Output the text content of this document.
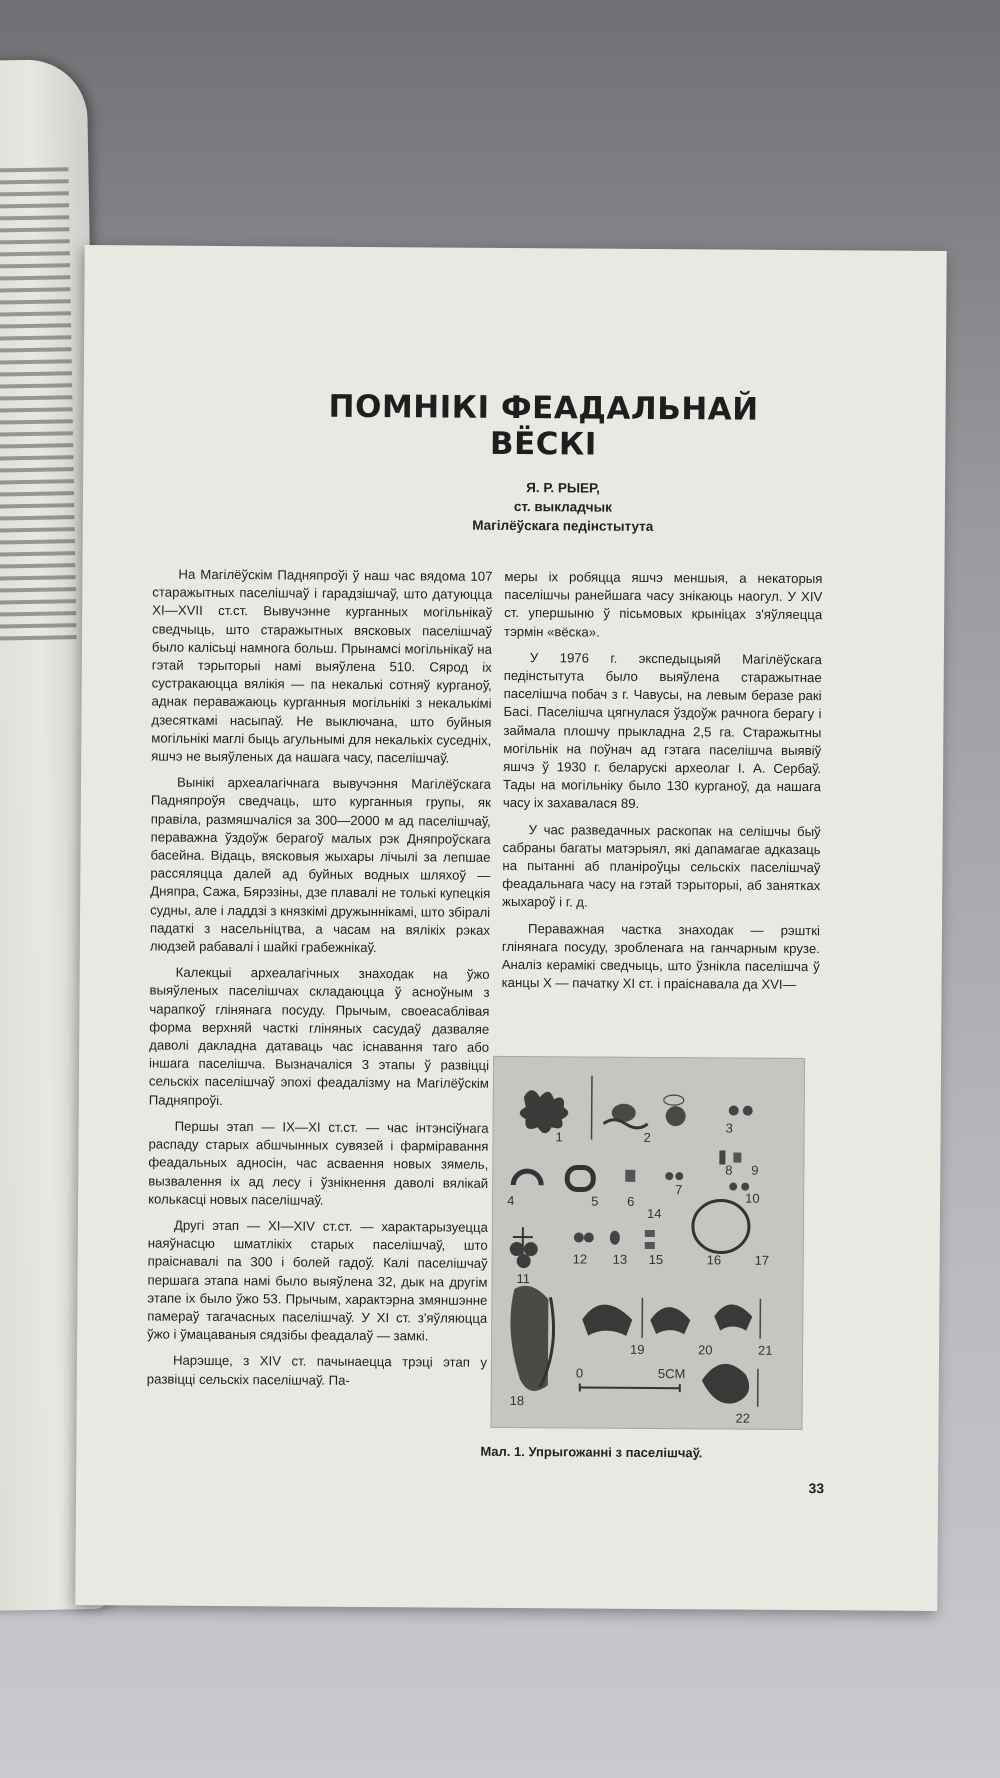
ПОМНІКІ ФЕАДАЛЬНАЙ ВЁСКІ
Я. Р. РЫЕР,
ст. выкладчык
Магілёўскага педінстытута

На Магілёўскім Падняпроўі ў наш час вядома 107 старажытных паселішчаў і гарадзішчаў, што датуюцца XI—XVII ст.ст. Вывучэнне курганных могільнікаў сведчыць, што старажытных вясковых паселішчаў было калісьці намнога больш. Прынамсі могільнікаў на гэтай тэрыторыі намі выяўлена 510. Сярод іх сустракаюцца вялікія — па некалькі сотняў курганоў, аднак пераважаюць курганныя могільнікі з некалькімі дзесяткамі насыпаў. Не выключана, што буйныя могільнікі маглі быць агульнымі для некалькіх суседніх, яшчэ не выяўленых да нашага часу, паселішчаў.

Вынікі археалагічнага вывучэння Магілёўскага Падняпроўя сведчаць, што курганныя групы, як правіла, размяшчаліся за 300—2000 м ад паселішчаў, пераважна ўздоўж берагоў малых рэк Дняпроўскага басейна. Відаць, вясковыя жыхары лічылі за лепшае рассяляцца далей ад буйных водных шляхоў — Дняпра, Сажа, Бярэзіны, дзе плавалі не толькі купецкія судны, але і ладдзі з князкімі дружыннікамі, што збіралі падаткі з насельніцтва, а часам на вялікіх рэках людзей рабавалі і шайкі грабежнікаў.

Калекцыі археалагічных знаходак на ўжо выяўленых паселішчах складаюцца ў асноўным з чарапкоў глінянага посуду. Прычым, своеасаблівая форма верхняй часткі гліняных сасудаў дазваляе даволі дакладна датаваць час існавання таго або іншага паселішча. Вызначаліся 3 этапы ў развіцці сельскіх паселішчаў эпохі феадалізму на Магілёўскім Падняпроўі.

Першы этап — IX—XI ст.ст. — час інтэнсіўнага распаду старых абшчынных сувязей і фарміравання феадальных адносін, час асваення новых зямель, вызвалення іх ад лесу і ўзнікнення даволі вялікай колькасці новых паселішчаў.

Другі этап — XI—XIV ст.ст. — характарызуецца наяўнасцю шматлікіх старых паселішчаў, што праіснавалі па 300 і болей гадоў. Калі паселішчаў першага этапа намі было выяўлена 32, дык на другім этапе іх было ўжо 53. Прычым, характэрна змяншэнне памераў тагачасных паселішчаў. У XI ст. з'яўляюцца ўжо і ўмацаваныя сядзібы феадалаў — замкі.

Нарэшце, з XIV ст. пачынаецца трэці этап у развіцці сельскіх паселішчаў. Па-

меры іх робяцца яшчэ меншыя, а некаторыя паселішчы ранейшага часу знікаюць наогул. У XIV ст. упершыню ў пісьмовых крыніцах з'яўляецца тэрмін «вёска».

У 1976 г. экспедыцыяй Магілёўскага педінстытута было выяўлена старажытнае паселішча побач з г. Чавусы, на левым беразе ракі Басі. Паселішча цягнулася ўздоўж рачнога берагу і займала плошчу прыкладна 2,5 га. Старажытны могільнік на поўнач ад гэтага паселішча выявіў яшчэ ў 1930 г. беларускі археолаг І. А. Сербаў. Тады на могільніку было 130 курганоў, да нашага часу іх захавалася 89.

У час разведачных раскопак на селішчы быў сабраны багаты матэрыял, які дапамагае адказаць на пытанні аб планіроўцы сельскіх паселішчаў феадальнага часу на гэтай тэрыторыі, аб занятках жыхароў і г. д.

Пераважная частка знаходак — рэшткі глінянага посуду, зробленага на ганчарным крузе. Аналіз керамікі сведчыць, што ўзнікла паселішча ў канцы X — пачатку XI ст. і праіснавала да XVI—

1	2
3
4	5 6
7
8 9
10
11
12 13
14
15	16	17
18
19	20	21
22
0	5CM
Мал. 1. Упрыгожанні з паселішчаў.
33
